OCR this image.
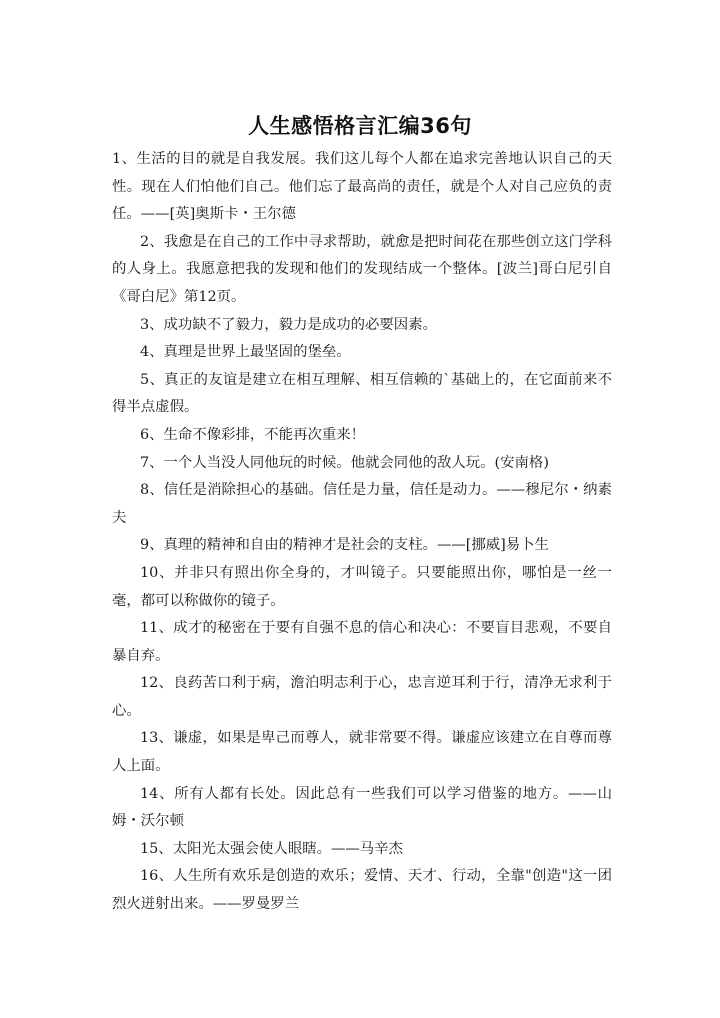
人生感悟格言汇编36句

1、生活的目的就是自我发展。我们这儿每个人都在追求完善地认识自己的天性。现在人们怕他们自己。他们忘了最高尚的责任，就是个人对自己应负的责任。——[英]奥斯卡・王尔德

2、我愈是在自己的工作中寻求帮助，就愈是把时间花在那些创立这门学科的人身上。我愿意把我的发现和他们的发现结成一个整体。[波兰]哥白尼引自《哥白尼》第12页。

3、成功缺不了毅力，毅力是成功的必要因素。

4、真理是世界上最坚固的堡垒。

5、真正的友谊是建立在相互理解、相互信赖的`基础上的，在它面前来不得半点虚假。

6、生命不像彩排，不能再次重来！

7、一个人当没人同他玩的时候。他就会同他的敌人玩。(安南格)

8、信任是消除担心的基础。信任是力量，信任是动力。——穆尼尔・纳素夫

9、真理的精神和自由的精神才是社会的支柱。——[挪威]易卜生

10、并非只有照出你全身的，才叫镜子。只要能照出你，哪怕是一丝一毫，都可以称做你的镜子。

11、成才的秘密在于要有自强不息的信心和决心：不要盲目悲观，不要自暴自弃。

12、良药苦口利于病，澹泊明志利于心，忠言逆耳利于行，清净无求利于心。

13、谦虚，如果是卑己而尊人，就非常要不得。谦虚应该建立在自尊而尊人上面。

14、所有人都有长处。因此总有一些我们可以学习借鉴的地方。——山姆・沃尔顿

15、太阳光太强会使人眼瞎。——马辛杰

16、人生所有欢乐是创造的欢乐；爱情、天才、行动，全靠"创造"这一团烈火迸射出来。——罗曼罗兰
